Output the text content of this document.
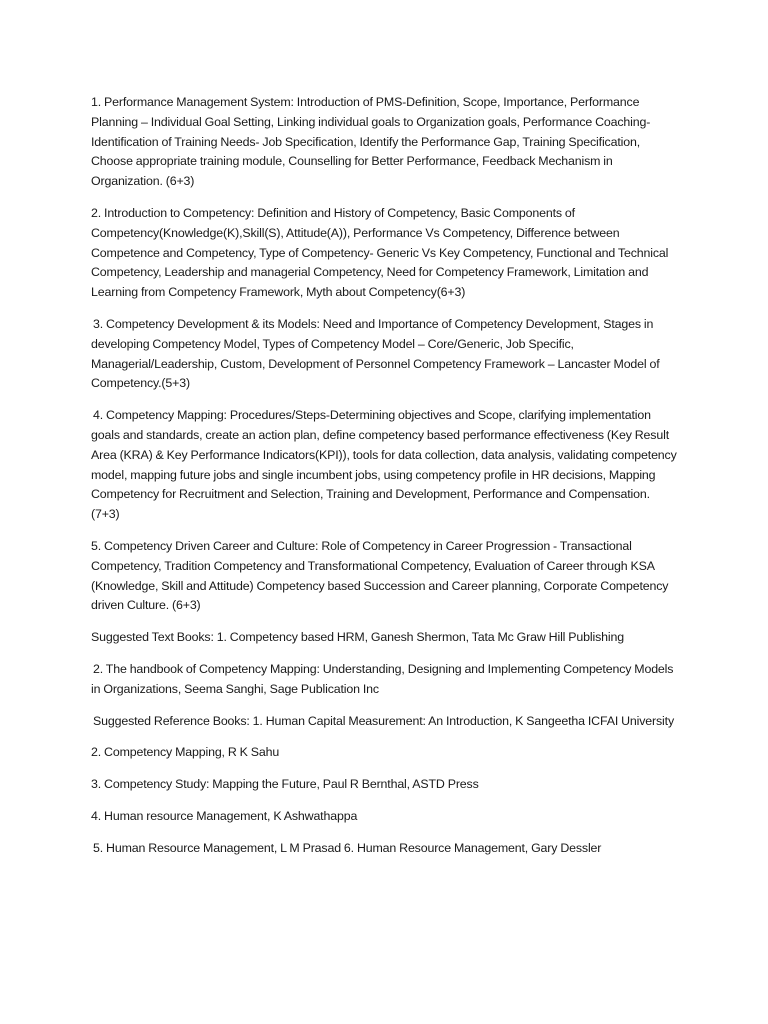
1. Performance Management System: Introduction of PMS-Definition, Scope, Importance, Performance Planning – Individual Goal Setting, Linking individual goals to Organization goals, Performance Coaching-Identification of Training Needs- Job Specification, Identify the Performance Gap, Training Specification, Choose appropriate training module, Counselling for Better Performance, Feedback Mechanism in Organization. (6+3)

2. Introduction to Competency: Definition and History of Competency, Basic Components of Competency(Knowledge(K),Skill(S), Attitude(A)), Performance Vs Competency, Difference between Competence and Competency, Type of Competency- Generic Vs Key Competency, Functional and Technical Competency, Leadership and managerial Competency, Need for Competency Framework, Limitation and Learning from Competency Framework, Myth about Competency(6+3)

3. Competency Development & its Models: Need and Importance of Competency Development, Stages in developing Competency Model, Types of Competency Model – Core/Generic, Job Specific, Managerial/Leadership, Custom, Development of Personnel Competency Framework – Lancaster Model of Competency.(5+3)

4. Competency Mapping: Procedures/Steps-Determining objectives and Scope, clarifying implementation goals and standards, create an action plan, define competency based performance effectiveness (Key Result Area (KRA) & Key Performance Indicators(KPI)), tools for data collection, data analysis, validating competency model, mapping future jobs and single incumbent jobs, using competency profile in HR decisions, Mapping Competency for Recruitment and Selection, Training and Development, Performance and Compensation. (7+3)

5. Competency Driven Career and Culture: Role of Competency in Career Progression - Transactional Competency, Tradition Competency and Transformational Competency, Evaluation of Career through KSA (Knowledge, Skill and Attitude) Competency based Succession and Career planning, Corporate Competency driven Culture. (6+3)

Suggested Text Books: 1. Competency based HRM, Ganesh Shermon, Tata Mc Graw Hill Publishing

2. The handbook of Competency Mapping: Understanding, Designing and Implementing Competency Models in Organizations, Seema Sanghi, Sage Publication Inc

Suggested Reference Books: 1. Human Capital Measurement: An Introduction, K Sangeetha ICFAI University

2. Competency Mapping, R K Sahu

3. Competency Study: Mapping the Future, Paul R Bernthal, ASTD Press

4. Human resource Management, K Ashwathappa

5. Human Resource Management, L M Prasad 6. Human Resource Management, Gary Dessler
